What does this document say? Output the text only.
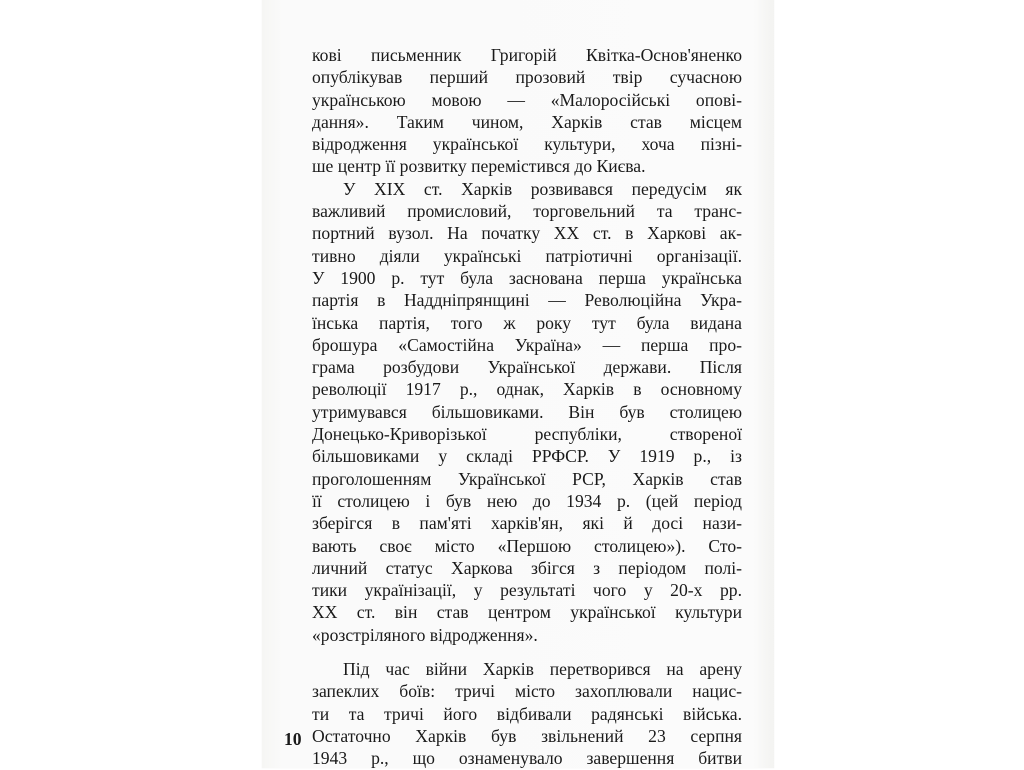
кові письменник Григорій Квітка-Основ'яненко
опублікував перший прозовий твір сучасною
українською мовою — «Малоросійські опові-
дання». Таким чином, Харків став місцем
відродження української культури, хоча пізні-
ше центр її розвитку перемістився до Києва.

У XIX ст. Харків розвивався передусім як
важливий промисловий, торговельний та транс-
портний вузол. На початку XX ст. в Харкові ак-
тивно діяли українські патріотичні організації.
У 1900 р. тут була заснована перша українська
партія в Наддніпрянщині — Революційна Укра-
їнська партія, того ж року тут була видана
брошура «Самостійна Україна» — перша про-
грама розбудови Української держави. Після
революції 1917 р., однак, Харків в основному
утримувався більшовиками. Він був столицею
Донецько-Криворізької республіки, створеної
більшовиками у складі РРФСР. У 1919 р., із
проголошенням Української РСР, Харків став
її столицею і був нею до 1934 р. (цей період
зберігся в пам'яті харків'ян, які й досі нази-
вають своє місто «Першою столицею»). Сто-
личний статус Харкова збігся з періодом полі-
тики українізації, у результаті чого у 20-х рр.
XX ст. він став центром української культури
«розстріляного відродження».

Під час війни Харків перетворився на арену
запеклих боїв: тричі місто захоплювали нацис-
ти та тричі його відбивали радянські війська.
Остаточно Харків був звільнений 23 серпня
1943 р., що ознаменувало завершення битви

10
